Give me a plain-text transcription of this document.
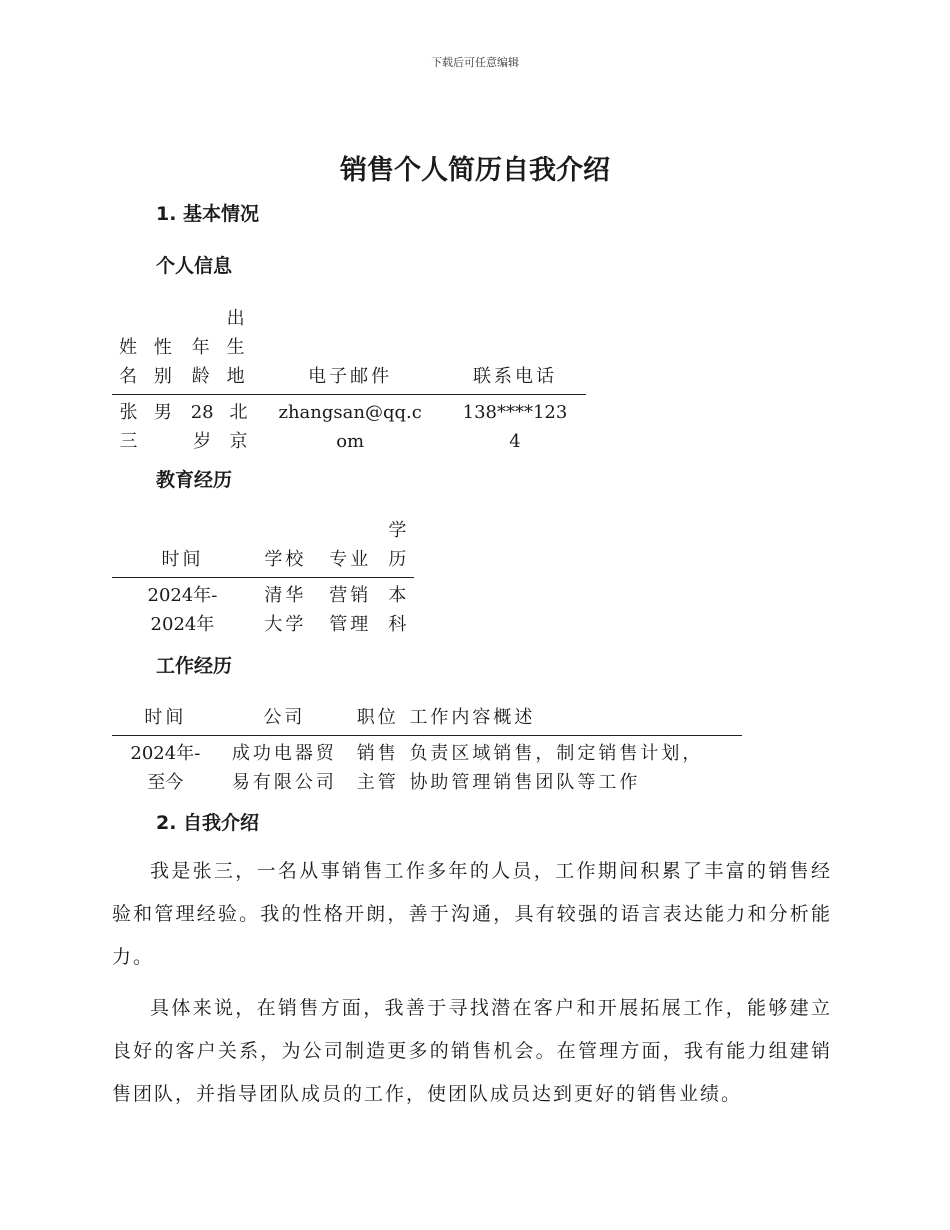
下载后可任意编辑
销售个人简历自我介绍
1. 基本情况
个人信息
姓名	性别	年龄	出生地	电子邮件	联系电话

张三	男	28岁	北京	zhangsan@qq.com	138****1234
教育经历
时间	学校	专业	学历

2024年-2024年	清华大学	营销管理	本科
工作经历
时间	公司	职位	工作内容概述

2024年-至今	成功电器贸易有限公司	销售主管	负责区域销售，制定销售计划，协助管理销售团队等工作
2. 自我介绍

我是张三，一名从事销售工作多年的人员，工作期间积累了丰富的销售经验和管理经验。我的性格开朗，善于沟通，具有较强的语言表达能力和分析能力。

具体来说，在销售方面，我善于寻找潜在客户和开展拓展工作，能够建立良好的客户关系，为公司制造更多的销售机会。在管理方面，我有能力组建销售团队，并指导团队成员的工作，使团队成员达到更好的销售业绩。
